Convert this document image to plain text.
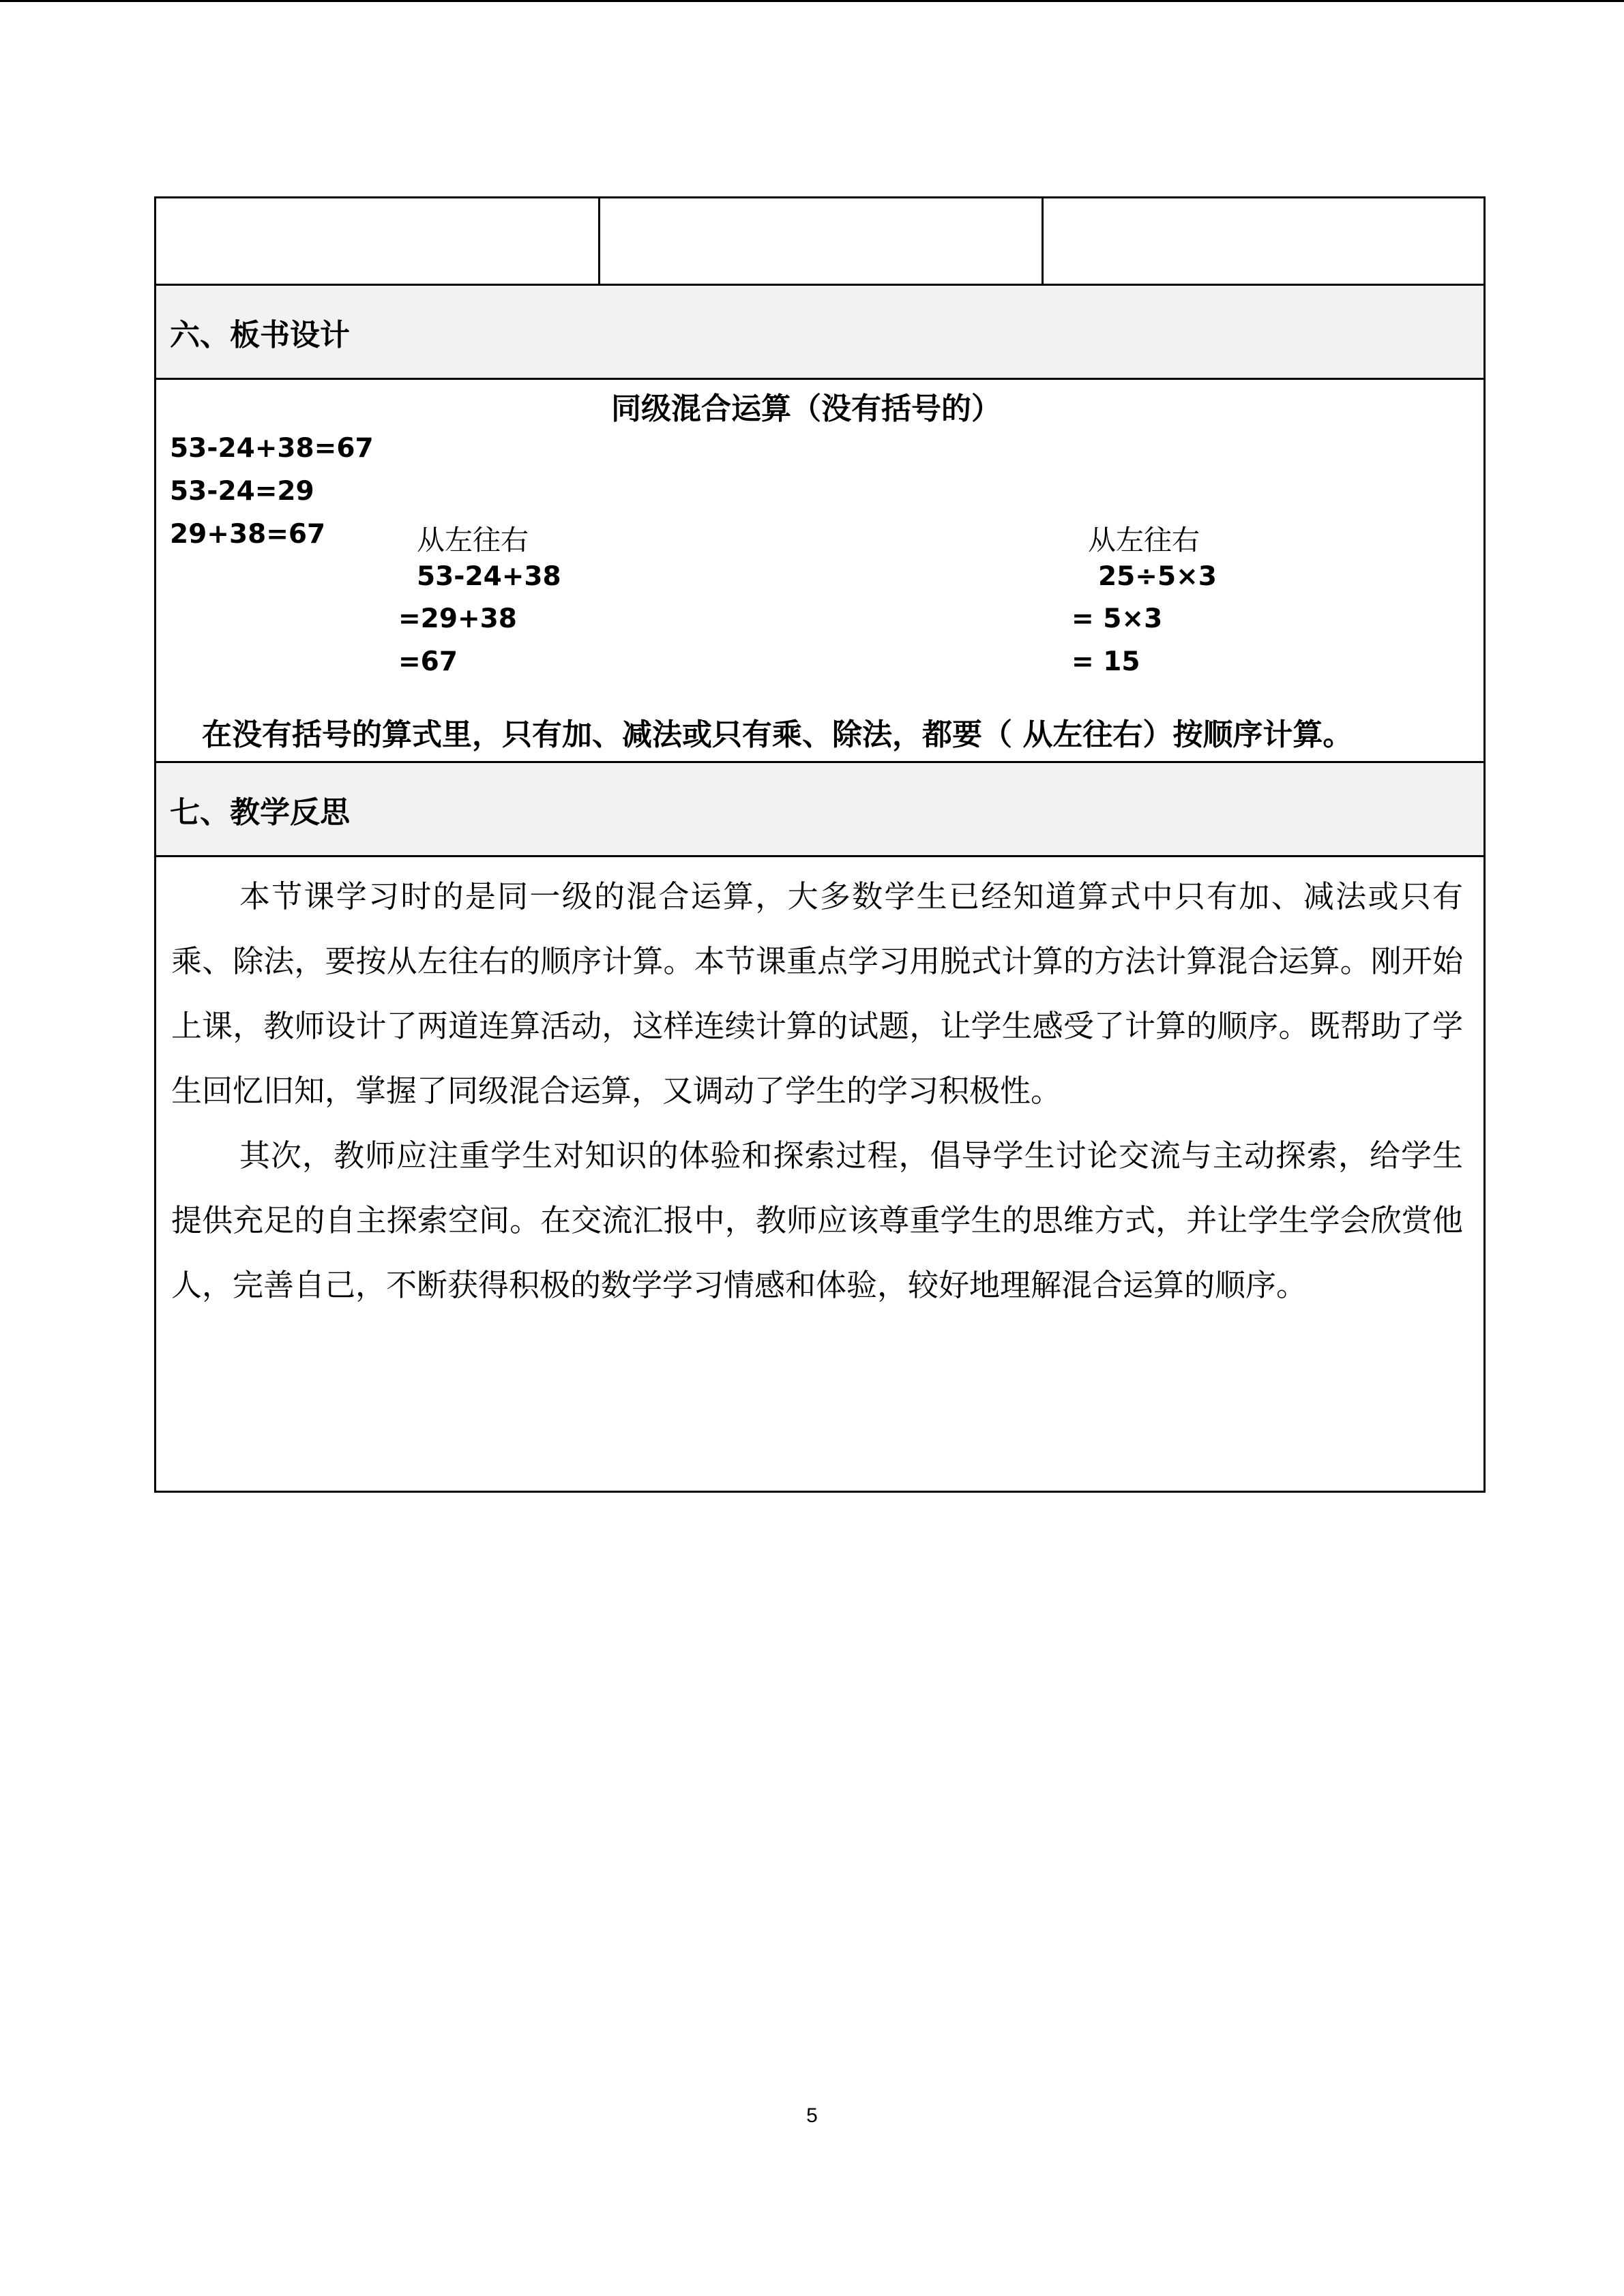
六、板书设计
同级混合运算（没有括号的）
53-24+38=67
53-24=29
29+38=67	从左往右
53-24+38
=29+38
=67
从左往右
25÷5×3
= 5×3
= 15
在没有括号的算式里，只有加、减法或只有乘、除法，都要（ 从左往右）按顺序计算。
七、教学反思

本节课学习时的是同一级的混合运算，大多数学生已经知道算式中只有加、减法或只有乘、除法，要按从左往右的顺序计算。本节课重点学习用脱式计算的方法计算混合运算。刚开始上课，教师设计了两道连算活动，这样连续计算的试题，让学生感受了计算的顺序。既帮助了学生回忆旧知，掌握了同级混合运算，又调动了学生的学习积极性。

其次，教师应注重学生对知识的体验和探索过程，倡导学生讨论交流与主动探索，给学生提供充足的自主探索空间。在交流汇报中，教师应该尊重学生的思维方式，并让学生学会欣赏他人，完善自己，不断获得积极的数学学习情感和体验，较好地理解混合运算的顺序。

5
